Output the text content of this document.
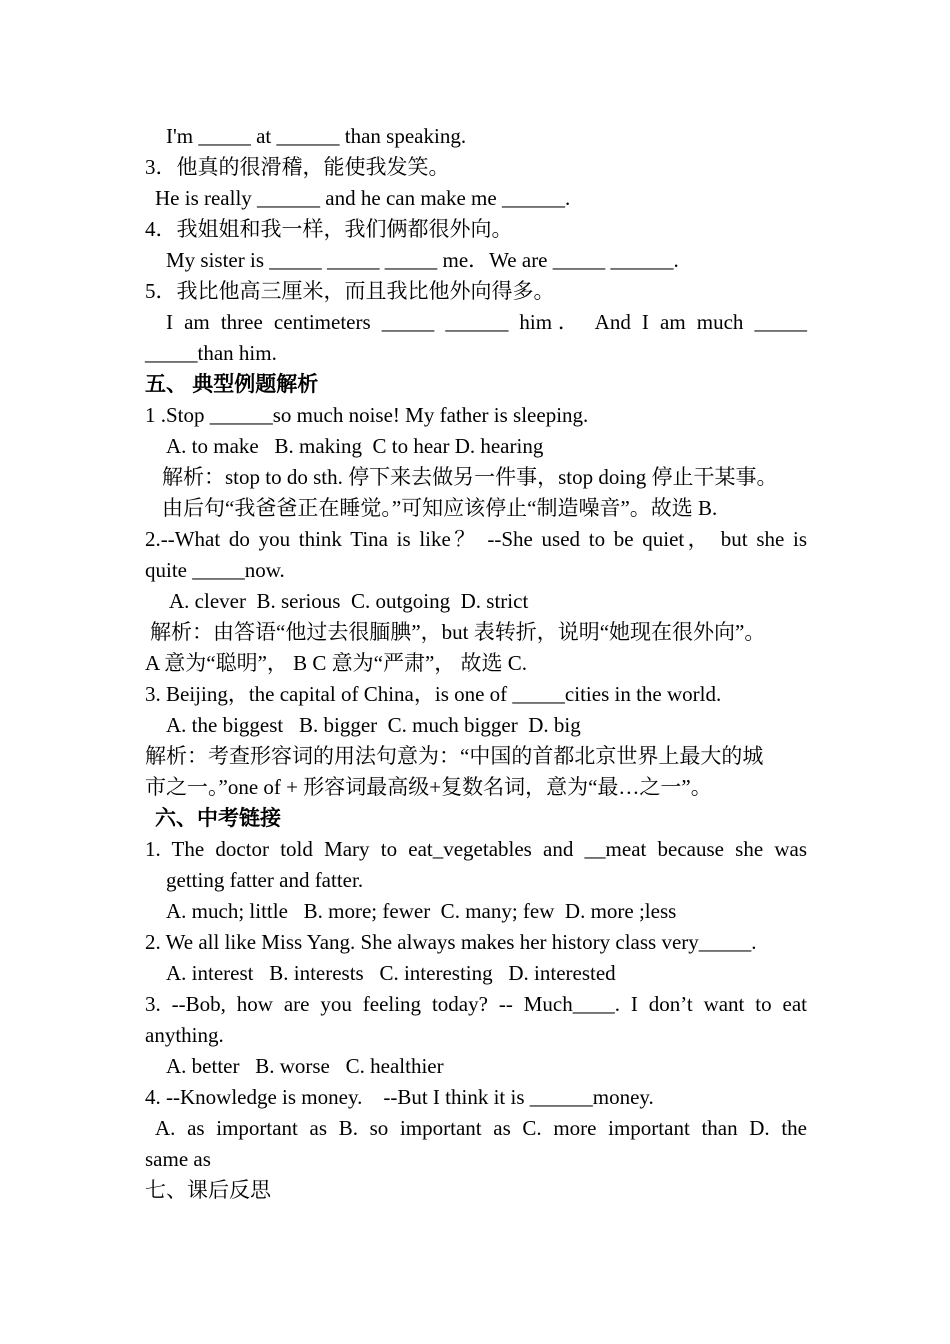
I'm _____ at ______ than speaking.
3．他真的很滑稽，能使我发笑。
He is really ______ and he can make me ______.
4．我姐姐和我一样，我们俩都很外向。
My sister is _____ _____ _____ me．We are _____ ______.
5．我比他高三厘米，而且我比他外向得多。
I am three centimeters _____ ______ him． And I am much _____
_____than him.
五、 典型例题解析
1 .Stop ______so much noise! My father is sleeping.
A. to make   B. making  C to hear D. hearing
解析：stop to do sth. 停下来去做另一件事，stop doing 停止干某事。
由后句“我爸爸正在睡觉。”可知应该停止“制造噪音”。故选 B.
2.--What do you think Tina is like？ --She used to be quiet， but she is
quite _____now.
A. clever  B. serious  C. outgoing  D. strict
解析：由答语“他过去很腼腆”，but 表转折，说明“她现在很外向”。
A 意为“聪明”， B C 意为“严肃”， 故选 C.
3. Beijing，the capital of China，is one of _____cities in the world.
A. the biggest   B. bigger  C. much bigger  D. big
解析：考查形容词的用法句意为：“中国的首都北京世界上最大的城
市之一。”one of + 形容词最高级+复数名词，意为“最…之一”。
六、中考链接
1. The doctor told Mary to eat_vegetables and __meat because she was
getting fatter and fatter.
A. much; little   B. more; fewer  C. many; few  D. more ;less
2. We all like Miss Yang. She always makes her history class very_____.
A. interest   B. interests   C. interesting   D. interested
3. --Bob, how are you feeling today? -- Much____. I don’t want to eat
anything.
A. better   B. worse   C. healthier
4. --Knowledge is money.    --But I think it is ______money.
A. as important as B. so important as C. more important than D. the
same as
七、课后反思
